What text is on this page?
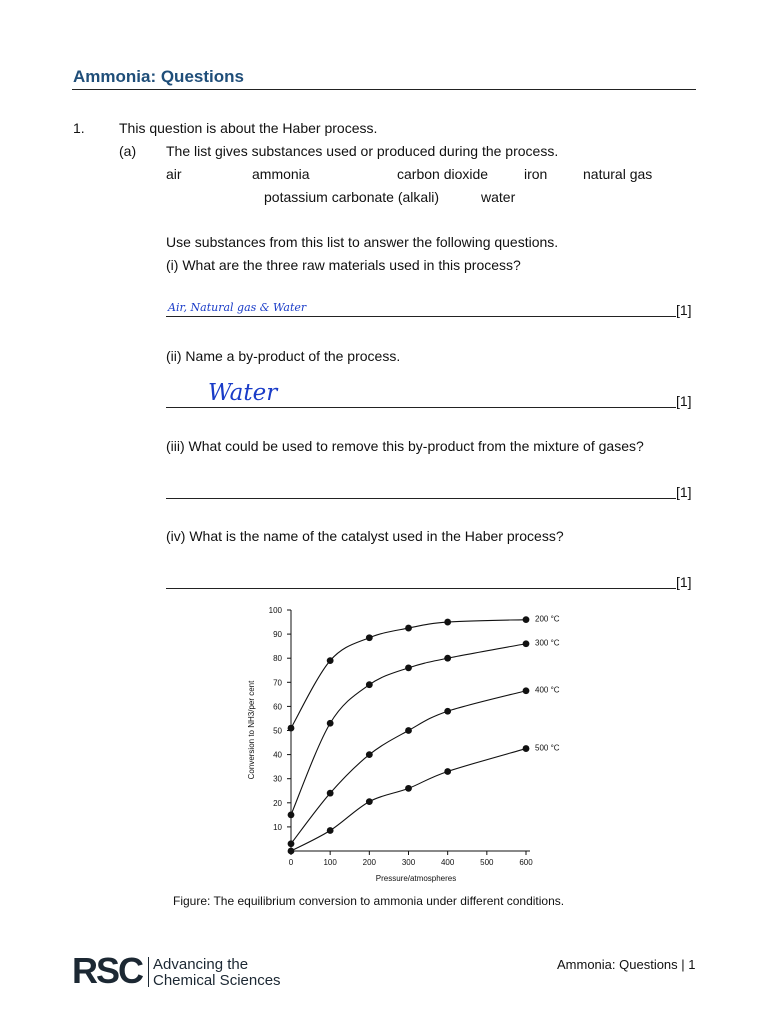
Ammonia: Questions
1. This question is about the Haber process.
(a) The list gives substances used or produced during the process.
air	ammonia	carbon dioxide	iron	natural gas
potassium carbonate (alkali)	water
Use substances from this list to answer the following questions.
(i) What are the three raw materials used in this process?
Air, Natural gas & Water	[1]
(ii) Name a by-product of the process.
Water	[1]
(iii) What could be used to remove this by-product from the mixture of gases?
[1]
(iv) What is the name of the catalyst used in the Haber process?
[1]
Conversion to NH3/per cent
Pressure/atmospheres
10
20
30
40
50
60
70
80
90
100
0	100	200	300	400	500	600
200 °C
300 °C
400 °C
500 °C
Figure: The equilibrium conversion to ammonia under different conditions.
RSC Advancing the
Chemical Sciences
Ammonia: Questions | 1
